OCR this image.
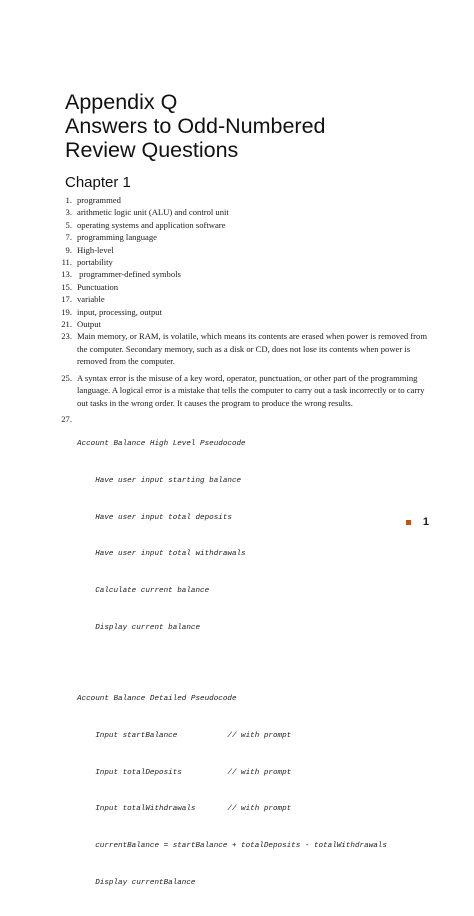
Appendix Q
Answers to Odd-Numbered
Review Questions
Chapter 1
1. programmed
3. arithmetic logic unit (ALU) and control unit
5. operating systems and application software
7. programming language
9. High-level
11. portability
13. programmer-defined symbols
15. Punctuation
17. variable
19. input, processing, output
21. Output
23. Main memory, or RAM, is volatile, which means its contents are erased when power is removed from the computer. Secondary memory, such as a disk or CD, does not lose its contents when power is removed from the computer.
25. A syntax error is the misuse of a key word, operator, punctuation, or other part of the programming language. A logical error is a mistake that tells the computer to carry out a task incorrectly or to carry out tasks in the wrong order. It causes the program to produce the wrong results.
27.

Account Balance High Level Pseudocode

Have user input starting balance

Have user input total deposits

Have user input total withdrawals

Calculate current balance

Display current balance

Account Balance Detailed Pseudocode

Input startBalance           // with prompt

Input totalDeposits          // with prompt

Input totalWithdrawals       // with prompt

currentBalance = startBalance + totalDeposits - totalWithdrawals

Display currentBalance

1
